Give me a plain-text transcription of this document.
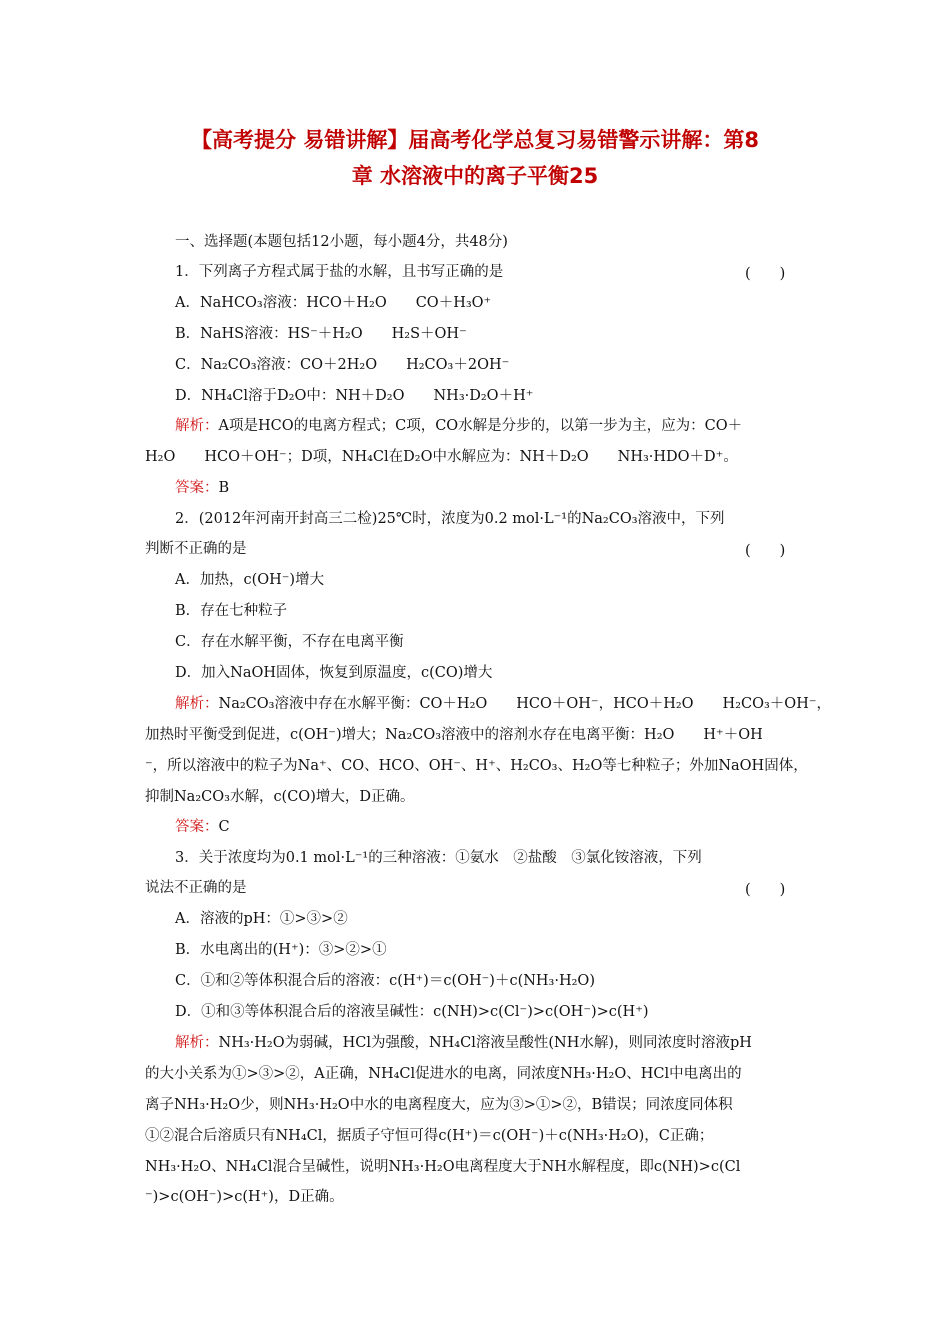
【高考提分 易错讲解】届高考化学总复习易错警示讲解：第8
章 水溶液中的离子平衡25
一、选择题(本题包括12小题，每小题4分，共48分)
1．下列离子方程式属于盐的水解，且书写正确的是	(　　)
A．NaHCO₃溶液：HCO＋H₂O　　CO＋H₃O⁺
B．NaHS溶液：HS⁻＋H₂O　　H₂S＋OH⁻
C．Na₂CO₃溶液：CO＋2H₂O　　H₂CO₃＋2OH⁻
D．NH₄Cl溶于D₂O中：NH＋D₂O　　NH₃·D₂O＋H⁺
解析：A项是HCO的电离方程式；C项，CO水解是分步的，以第一步为主，应为：CO＋
H₂O　　HCO＋OH⁻；D项，NH₄Cl在D₂O中水解应为：NH＋D₂O　　NH₃·HDO＋D⁺。
答案：B
2．(2012年河南开封高三二检)25℃时，浓度为0.2 mol·L⁻¹的Na₂CO₃溶液中，下列
判断不正确的是	(　　)
A．加热，c(OH⁻)增大
B．存在七种粒子
C．存在水解平衡，不存在电离平衡
D．加入NaOH固体，恢复到原温度，c(CO)增大
解析：Na₂CO₃溶液中存在水解平衡：CO＋H₂O　　HCO＋OH⁻，HCO＋H₂O　　H₂CO₃＋OH⁻，
加热时平衡受到促进，c(OH⁻)增大；Na₂CO₃溶液中的溶剂水存在电离平衡：H₂O　　H⁺＋OH
⁻，所以溶液中的粒子为Na⁺、CO、HCO、OH⁻、H⁺、H₂CO₃、H₂O等七种粒子；外加NaOH固体，
抑制Na₂CO₃水解，c(CO)增大，D正确。
答案：C
3．关于浓度均为0.1 mol·L⁻¹的三种溶液：①氨水　②盐酸　③氯化铵溶液，下列
说法不正确的是	(　　)
A．溶液的pH：①>③>②
B．水电离出的(H⁺)：③>②>①
C．①和②等体积混合后的溶液：c(H⁺)＝c(OH⁻)＋c(NH₃·H₂O)
D．①和③等体积混合后的溶液呈碱性：c(NH)>c(Cl⁻)>c(OH⁻)>c(H⁺)
解析：NH₃·H₂O为弱碱，HCl为强酸，NH₄Cl溶液呈酸性(NH水解)，则同浓度时溶液pH
的大小关系为①>③>②，A正确，NH₄Cl促进水的电离，同浓度NH₃·H₂O、HCl中电离出的
离子NH₃·H₂O少，则NH₃·H₂O中水的电离程度大，应为③>①>②，B错误；同浓度同体积
①②混合后溶质只有NH₄Cl，据质子守恒可得c(H⁺)＝c(OH⁻)＋c(NH₃·H₂O)，C正确；
NH₃·H₂O、NH₄Cl混合呈碱性，说明NH₃·H₂O电离程度大于NH水解程度，即c(NH)>c(Cl
⁻)>c(OH⁻)>c(H⁺)，D正确。
